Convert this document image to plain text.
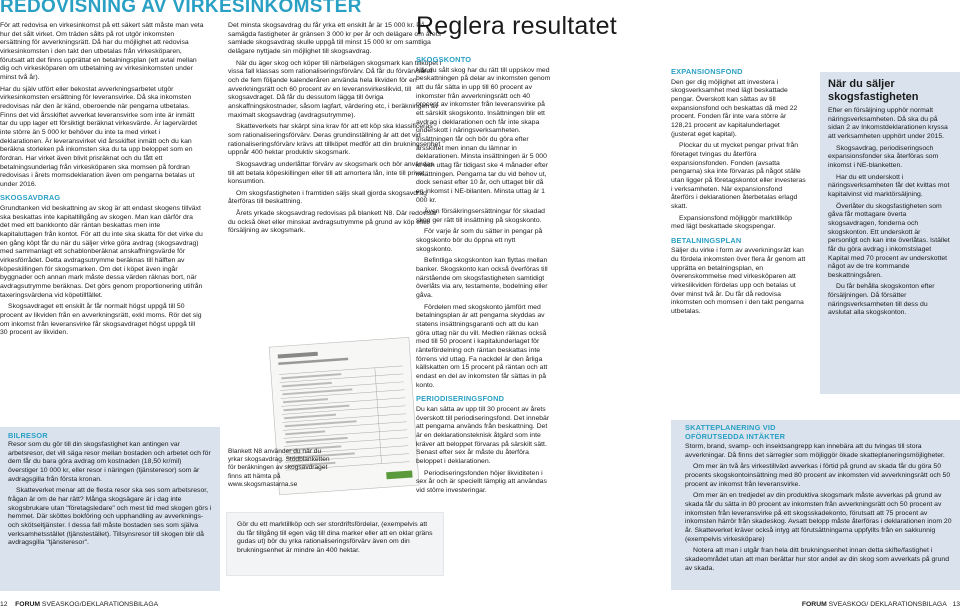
REDOVISNING AV VIRKESINKOMSTER

För att redovisa en virkesinkomst på ett säkert sätt måste man veta hur det sålt virket. Om träden sålts på rot utgör inkomsten ersättning för avverkningsrätt. Då har du möjlighet att redovisa virkesinkomsten i den takt den utbetalas från virkesköparen, förutsatt att det finns upprättat en betalningsplan (ett avtal mellan dig och virkesköparen om utbetalning av virkesinkomsten under minst två år).

Har du själv utfört eller bekostat avverkningsarbetet utgör virkesinkomsten ersättning för leveransvirke. Då ska inkomsten redovisas när den är känd, oberoende när pengarna utbetalas. Finns det vid årsskiftet avverkat leveransvirke som inte är inmätt tar du upp lager ett försiktigt beräknat virkesvärde. Är lagervärdet inte större än 5 000 kr behöver du inte ta med virket i deklarationen. Är leveransvirket vid årsskiftet inmätt och du kan beräkna storleken på inkomsten ska du ta upp beloppet som en fordran. Har virket även blivit prisräknat och du fått ett betalningsunderlag från virkesköparen ska momsen på fordran redovisas i årets momsdeklaration även om pengarna betalas ut under 2016.

SKOGSAVDRAG

Grundtanken vid beskattning av skog är att endast skogens tillväxt ska beskattas inte kapitaltillgång av skogen. Man kan därför dra det med ett bankkonto där räntan beskattas men inte kapitaluttagen från kontot. För att du inte ska skatta för det virke du en gång köpt får du när du säljer virke göra avdrag (skogsavdrag) med sammanlagt ett schablonberäknat anskaffningsvärde för virkesförrådet. Detta avdragsutrymme beräknas till hälften av köpeskillingen för skogsmarken. Om det i köpet även ingår byggnader och annan mark måste dessa värden räknas bort, när avdragsutrymme beräknas. Det görs genom proportionering utifrån taxeringsvärdena vid köpetillfället.

Skogsavdraget ett enskilt år får normalt högst uppgå till 50 procent av likviden från en avverkningsrätt, exkl moms. Rör det sig om inkomst från leveransvirke får skogsavdraget högst uppgå till 30 procent av likviden.

BILRESOR

Resor som du gör till din skogsfastighet kan antingen var arbetsresor, det vill säga resor mellan bostaden och arbetet och för dem får du bara göra avdrag om kostnaden (18,50 kr/mil) överstiger 10 000 kr, eller resor i näringen (tjänsteresor) som är avdragsgilla från första kronan.

Skatteverket menar att de flesta resor ska ses som arbetsresor, frågan är om de har rätt? Många skogsägare är i dag inte skogsbrukare utan "företagsledare" och mest tid med skogen görs i hemmet. Där sköttes bokföring och upphandling av avverknings- och skötseltjänster. I dessa fall måste bostaden ses som själva verksamhetsstället (tjänstestället). Tillsynsresor till skogen blir då avdragsgilla "tjänsteresor".

Det minsta skogsavdrag du får yrka ett enskilt år är 15 000 kr. På samägda fastigheter är gränsen 3 000 kr per år och delägare om årets samlade skogsavdrag skulle uppgå till minst 15 000 kr om samtliga delägare nyttjade sin möjlighet till skogsavdrag.

När du äger skog och köper till närbelägen skogsmark kan tillköpet i vissa fall klassas som rationaliseringsförvärv. Då får du förvärvsåret och de fem följande kalenderåren använda hela likviden för en avverkningsrätt och 60 procent av en leveransvirkeslikvid, till skogsavdraget. Då får du dessutom lägga till övriga anskaffningskostnader, såsom lagfart, värdering etc, i beräkningen av maximalt skogsavdrag (avdragsutrymme).

Skatteverkets har skärpt sina krav för att ett köp ska klassificeras som rationaliseringsförvärv. Deras grundinställning är att det vid rationaliseringsförvärv krävs att tillköpet medför att din brukningsenhet uppnår 400 hektar produktiv skogsmark.

Skogsavdrag underlåttar förvärv av skogsmark och bör användas till att betala köpeskillingen eller till att amortera lån, inte till privat konsumtion.

Om skogsfastigheten i framtiden säljs skall gjorda skogsavdrag återföras till beskattning.

Årets yrkade skogsavdrag redovisas på blankett N8. Där redovisar du också öket eller minskat avdragsutrymme på grund av köp eller försäljning av skogsmark.

Blankett N8 använder du när du yrkar skogsavdrag. Stödblanketten för beräkningen av skogsavdraget finns att hämta på www.skogsmastarna.se
Gör du ett marktillköp och ser stordriftsfördelar, (exempelvis att du får tillgång till egen väg till dina marker eller att en oklar gräns gudas ut) bör du yrka rationaliseringsförvärv även om din brukningsenhet är mindre än 400 hektar.
12 FORUM SVEASKOG/DEKLARATIONSBILAGA
Reglera resultatet
SKOGSKONTO

När du sålt skog har du rätt till uppskov med beskattningen på delar av inkomsten genom att du får sätta in upp till 60 procent av inkomster från avverkningsrätt och 40 procent av inkomster från leveransvirke på ett särskilt skogskonto. Insättningen blir ett avdrag i deklarationen och får inte skapa underskott i näringsverksamheten. Insättningen får och bör du göra efter årsskiftet men innan du lämnar in deklarationen. Minsta insättningen är 5 000 kr och uttag får tidigast ske 4 månader efter insättningen. Pengarna tar du vid behov ut, dock senast efter 10 år, och uttaget blir då en inkomst i NE-bilanten. Minsta uttag är 1 000 kr.

Även försäkringsersättningar för skadad skog ger rätt till insättning på skogskonto.

För varje år som du sätter in pengar på skogskonto bör du öppna ett nytt skogskonto.

Befintliga skogskonton kan flyttas mellan banker. Skogskonto kan också överföras till närstående om skogsfastigheten samtidigt överlåts via arv, testamente, bodelning eller gåva.

Fördelen med skogskonto jämfört med betalningsplan är att pengarna skyddas av statens insättningsgaranti och att du kan göra uttag när du vill. Medlen räknas också med till 50 procent i kapitalunderlaget för räntefördelning och räntan beskattas inte förrens vid uttag. Fa nackdel är den årliga källskatten om 15 procent på räntan och att endast en del av inkomsten får sättas in på konto.

PERIODISERINGSFOND

Du kan sätta av upp till 30 procent av årets överskott till periodiseringsfond. Det innebär att pengarna används från beskattning. Det är en deklarationsteknisk åtgärd som inte kräver att beloppet förvaras på särskilt sätt. Senast efter sex år måste du återföra beloppet i deklarationen.

Periodiseringsfonden höjer likviditeten i sex år och är speciellt lämplig att användas vid större investeringar.

EXPANSIONSFOND

Den ger dig möjlighet att investera i skogsverksamhet med lägt beskattade pengar. Överskott kan sättas av till expansionsfond och beskattas då med 22 procent. Fonden får inte vara större är 128,21 procent av kapitalunderlaget (justerat eget kapital).

Plockar du ut mycket pengar privat från företaget tvingas du återföra expansionsfonden. Fonden (avsatta pengarna) ska inte förvaras på något ställe utan ligger på företagskontot eller investeras i verksamheten. När expansionsfond återförs i deklarationen återbetalas erlagd skatt.

Expansionsfond möjliggör marktillköp med lägt beskattade skogspengar.

BETALNINGSPLAN

Säljer du virke i form av avverkningsrätt kan du fördela inkomsten över flera år genom att upprätta en betalningsplan, en överenskommelse med virkesköparen att virkeslikviden fördelas upp och betalas ut över minst två år. Du får då redovisa inkomsten och momsen i den takt pengarna utbetalas.

När du säljer skogsfastigheten

Efter en försäljning upphör normalt näringsverksamheten. Då ska du på sidan 2 av Inkomstdeklarationen kryssa att verksamheten upphört under 2015.

Skogsavdrag, periodiseringsoch expansionsfonder ska återföras som inkomst i NE-blanketten.

Har du ett underskott i näringsverksamheten får det kvittas mot kapitalvinst vid marktörsäljning.

Överlåter du skogsfastigheten som gåva får mottagare övertа skogsavdragen, fonderna och skogskonton. Ett underskott är personligt och kan inte överlåtas. Istället får du göra avdrag i inkomstslaget Kapital med 70 procent av underskottet något av de tre kommande beskattningsåren.

Du får behålla skogskonton efter försäljningen. Då försätter näringsverksamheten till dess du avslutat alla skogskonton.

SKATTEPLANERING VID
OFÖRUTSEDDA INTÄKTER

Storm, brand, svamp- och insektsangrepp kan innebära att du tvingas till stora avverkningar. Då finns det särregler som möjliggör ökade skatteplaneringsmöjligheter.

Om mer än två års virkestillväxt avverkas i förtid på grund av skada får du göra 50 procents skogskontoinsättning med 80 procent av inkomsten vid avverkningsrätt och 50 procent av inkomst från leveransvirke.

Om mer än en tredjedel av din produktiva skogsmark måste avverkas på grund av skada får du sätta in 80 procent av inkomsten från avverkningsrätt och 50 procent av inkomsten från leveransvirke på ett skogsskadekonto, förutsatt att 75 procent av inkomsten härrör från skadeskog. Avsatt belopp måste återföras i deklarationen inom 20 år. Skatteverket kräver också intyg att förutsättningarna uppfyllts från en sakkunnig (exempelvis virkesköpare)

Notera att man i utgår fran hela ditt brukningsenhet innan detta skifte/fastighet i skadeområdet utan att man berättar hur stor andel av din skog som avverkats på grund av skada.

FORUM SVEASKOG/ DEKLARATIONSBILAGA 13
